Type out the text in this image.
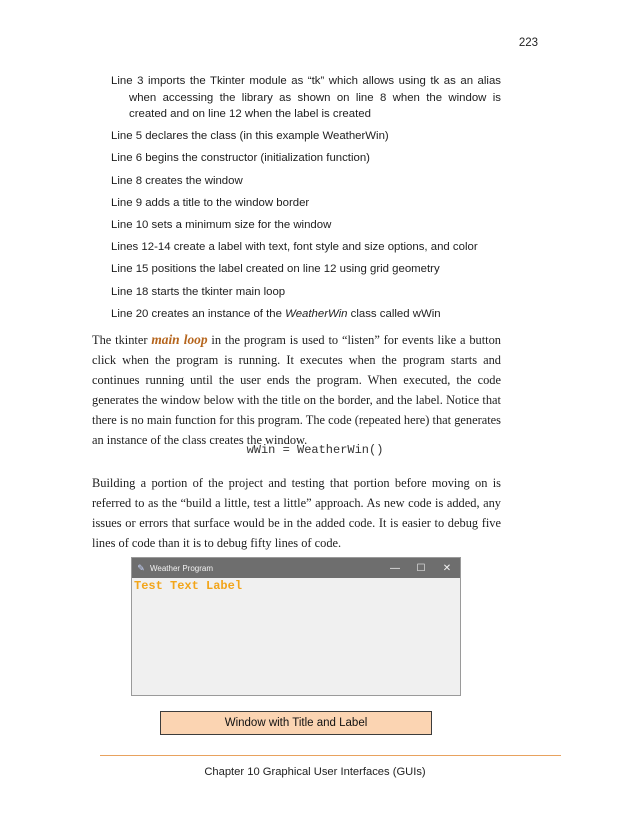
223
Line 3 imports the Tkinter module as “tk” which allows using tk as an alias when accessing the library as shown on line 8 when the window is created and on line 12 when the label is created
Line 5 declares the class (in this example WeatherWin)
Line 6 begins the constructor (initialization function)
Line 8 creates the window
Line 9 adds a title to the window border
Line 10 sets a minimum size for the window
Lines 12-14 create a label with text, font style and size options, and color
Line 15 positions the label created on line 12 using grid geometry
Line 18 starts the tkinter main loop
Line 20 creates an instance of the WeatherWin class called wWin

The tkinter main loop in the program is used to “listen” for events like a button click when the program is running. It executes when the program starts and continues running until the user ends the program. When executed, the code generates the window below with the title on the border, and the label. Notice that there is no main function for this program. The code (repeated here) that generates an instance of the class creates the window.

wWin = WeatherWin()

Building a portion of the project and testing that portion before moving on is referred to as the “build a little, test a little” approach. As new code is added, any issues or errors that surface would be in the added code. It is easier to debug five lines of code than it is to debug fifty lines of code.

✎ Weather Program	—	☐	✕
Test Text Label
Window with Title and Label
Chapter 10 Graphical User Interfaces (GUIs)
